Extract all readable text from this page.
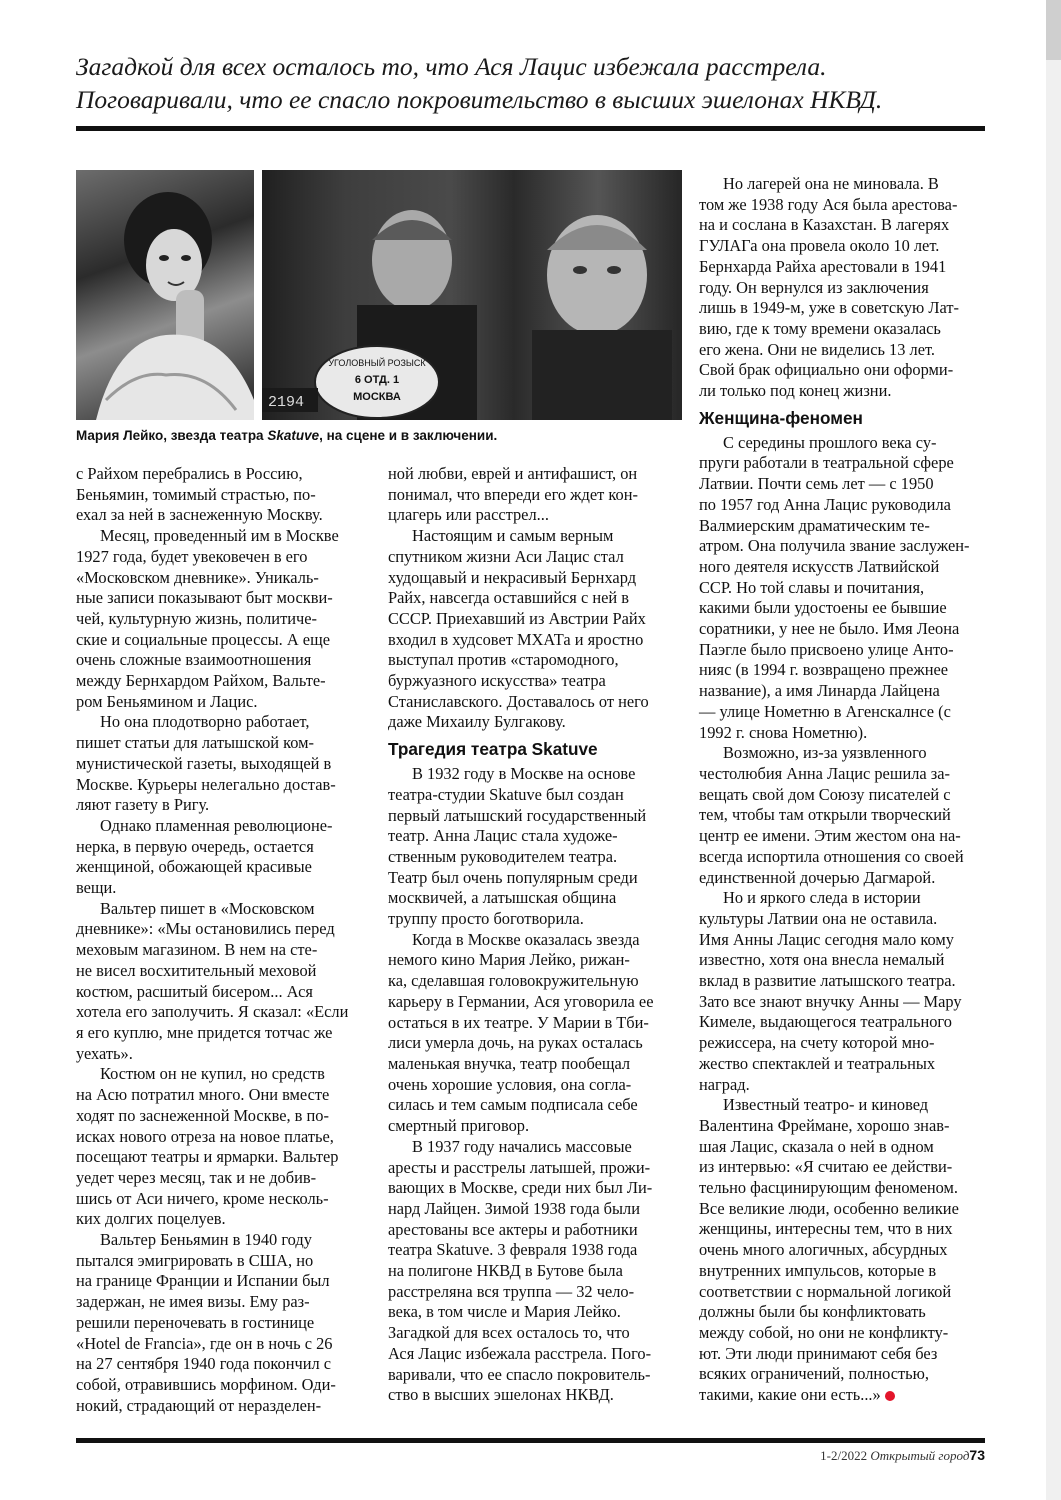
Загадкой для всех осталось то, что Ася Лацис избежала расстрела.

Поговаривали, что ее спасло покровительство в высших эшелонах НКВД.

УГОЛОВНЫЙ РОЗЫСК
6 ОТД. 1
МОСКВА
2194
Мария Лейко, звезда театра Skatuve, на сцене и в заключении.

с Райхом перебрались в Россию,

Беньямин, томимый страстью, по-

ехал за ней в заснеженную Москву.

Месяц, проведенный им в Москве

1927 года, будет увековечен в его

«Московском дневнике». Уникаль-

ные записи показывают быт москви-

чей, культурную жизнь, политиче-

ские и социальные процессы. А еще

очень сложные взаимоотношения

между Бернхардом Райхом, Вальте-

ром Беньямином и Лацис.

Но она плодотворно работает,

пишет статьи для латышской ком-

мунистической газеты, выходящей в

Москве. Курьеры нелегально достав-

ляют газету в Ригу.

Однако пламенная революционе-

нерка, в первую очередь, остается

женщиной, обожающей красивые

вещи.

Вальтер пишет в «Московском

дневнике»: «Мы остановились перед

меховым магазином. В нем на сте-

не висел восхитительный меховой

костюм, расшитый бисером... Ася

хотела его заполучить. Я сказал: «Если

я его куплю, мне придется тотчас же

уехать».

Костюм он не купил, но средств

на Асю потратил много. Они вместе

ходят по заснеженной Москве, в по-

исках нового отреза на новое платье,

посещают театры и ярмарки. Вальтер

уедет через месяц, так и не добив-

шись от Аси ничего, кроме несколь-

ких долгих поцелуев.

Вальтер Беньямин в 1940 году

пытался эмигрировать в США, но

на границе Франции и Испании был

задержан, не имея визы. Ему раз-

решили переночевать в гостинице

«Hotel de Francia», где он в ночь с 26

на 27 сентября 1940 года покончил с

собой, отравившись морфином. Оди-

нокий, страдающий от неразделен-

ной любви, еврей и антифашист, он

понимал, что впереди его ждет кон-

цлагерь или расстрел...

Настоящим и самым верным

спутником жизни Аси Лацис стал

худощавый и некрасивый Бернхард

Райх, навсегда оставшийся с ней в

СССР. Приехавший из Австрии Райх

входил в худсовет МХАТа и яростно

выступал против «старомодного,

буржуазного искусства» театра

Станиславского. Доставалось от него

даже Михаилу Булгакову.

Трагедия театра Skatuve

В 1932 году в Москве на основе

театра-студии Skatuve был создан

первый латышский государственный

театр. Анна Лацис стала художе-

ственным руководителем театра.

Театр был очень популярным среди

москвичей, а латышская община

труппу просто боготворила.

Когда в Москве оказалась звезда

немого кино Мария Лейко, рижан-

ка, сделавшая головокружительную

карьеру в Германии, Ася уговорила ее

остаться в их театре. У Марии в Тби-

лиси умерла дочь, на руках осталась

маленькая внучка, театр пообещал

очень хорошие условия, она согла-

силась и тем самым подписала себе

смертный приговор.

В 1937 году начались массовые

аресты и расстрелы латышей, прожи-

вающих в Москве, среди них был Ли-

нард Лайцен. Зимой 1938 года были

арестованы все актеры и работники

театра Skatuve. 3 февраля 1938 года

на полигоне НКВД в Бутове была

расстреляна вся труппа — 32 чело-

века, в том числе и Мария Лейко.

Загадкой для всех осталось то, что

Ася Лацис избежала расстрела. Пого-

варивали, что ее спасло покровитель-

ство в высших эшелонах НКВД.

Но лагерей она не миновала. В

том же 1938 году Ася была арестова-

на и сослана в Казахстан. В лагерях

ГУЛАГа она провела около 10 лет.

Бернхарда Райха арестовали в 1941

году. Он вернулся из заключения

лишь в 1949-м, уже в советскую Лат-

вию, где к тому времени оказалась

его жена. Они не виделись 13 лет.

Свой брак официально они оформи-

ли только под конец жизни.

Женщина-феномен

С середины прошлого века су-

пруги работали в театральной сфере

Латвии. Почти семь лет — с 1950

по 1957 год Анна Лацис руководила

Валмиерским драматическим те-

атром. Она получила звание заслужен-

ного деятеля искусств Латвийской

ССР. Но той славы и почитания,

какими были удостоены ее бывшие

соратники, у нее не было. Имя Леона

Паэгле было присвоено улице Анто-

нияс (в 1994 г. возвращено прежнее

название), а имя Линарда Лайцена

— улице Нометню в Агенскалнсе (с

1992 г. снова Нометню).

Возможно, из-за уязвленного

честолюбия Анна Лацис решила за-

вещать свой дом Союзу писателей с

тем, чтобы там открыли творческий

центр ее имени. Этим жестом она на-

всегда испортила отношения со своей

единственной дочерью Дагмарой.

Но и яркого следа в истории

культуры Латвии она не оставила.

Имя Анны Лацис сегодня мало кому

известно, хотя она внесла немалый

вклад в развитие латышского театра.

Зато все знают внучку Анны — Мару

Кимеле, выдающегося театрального

режиссера, на счету которой мно-

жество спектаклей и театральных

наград.

Известный театро- и киновед

Валентина Фреймане, хорошо знав-

шая Лацис, сказала о ней в одном

из интервью: «Я считаю ее действи-

тельно фасцинирующим феноменом.

Все великие люди, особенно великие

женщины, интересны тем, что в них

очень много алогичных, абсурдных

внутренних импульсов, которые в

соответствии с нормальной логикой

должны были бы конфликтовать

между собой, но они не конфликту-

ют. Эти люди принимают себя без

всяких ограничений, полностью,

такими, какие они есть...»

1-2/2022 Открытый город73
